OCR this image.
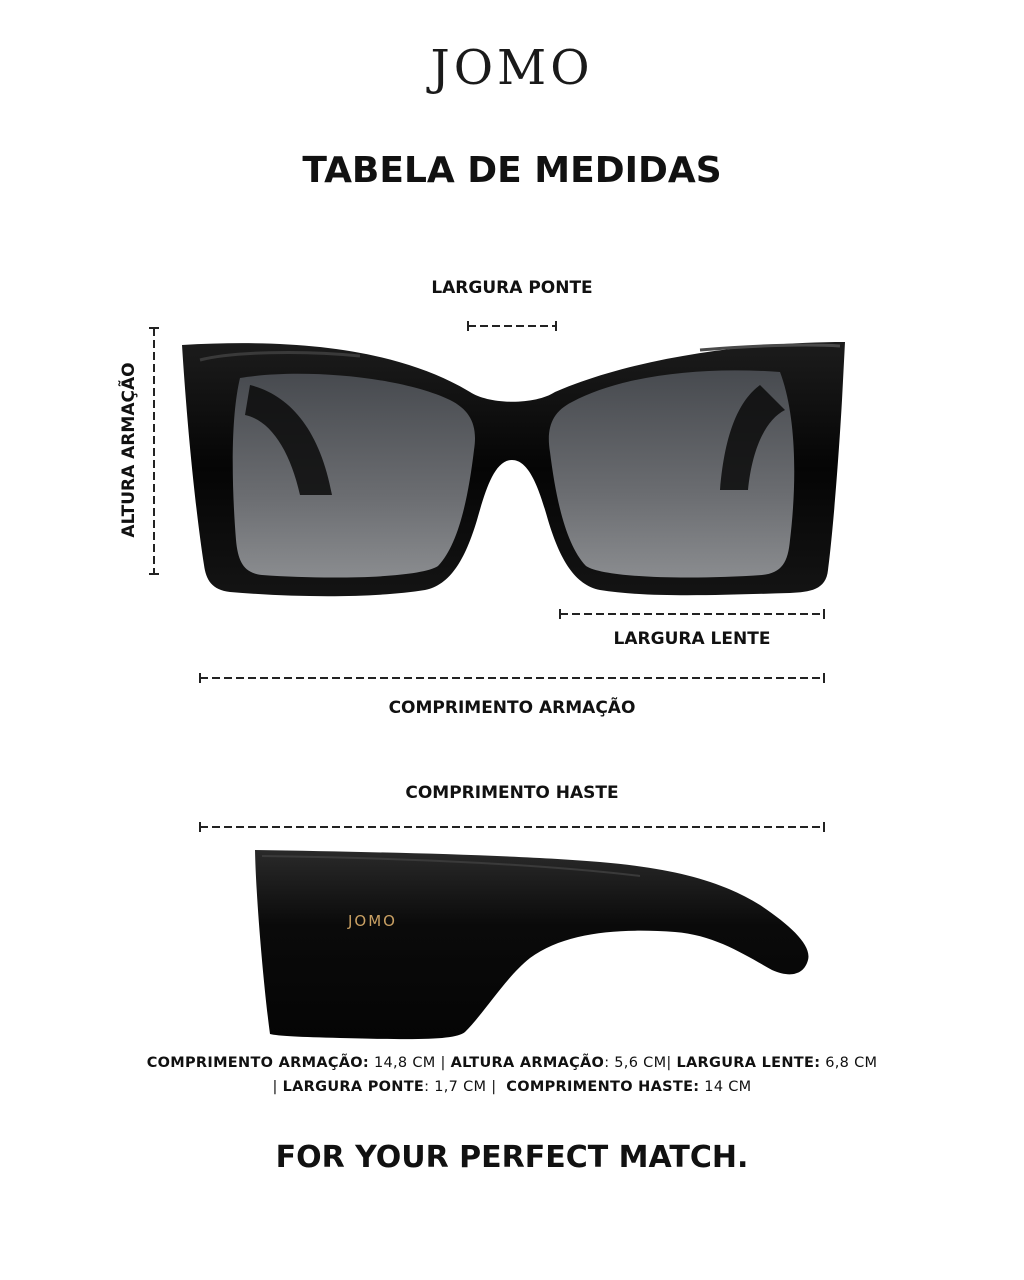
JOMO
TABELA DE MEDIDAS
JOMO
LARGURA PONTE
ALTURA ARMAÇÃO
LARGURA LENTE
COMPRIMENTO ARMAÇÃO
COMPRIMENTO HASTE
COMPRIMENTO ARMAÇÃO: 14,8 CM | ALTURA ARMAÇÃO: 5,6 CM| LARGURA LENTE: 6,8 CM
| LARGURA PONTE: 1,7 CM |  COMPRIMENTO HASTE: 14 CM
FOR YOUR PERFECT MATCH.
